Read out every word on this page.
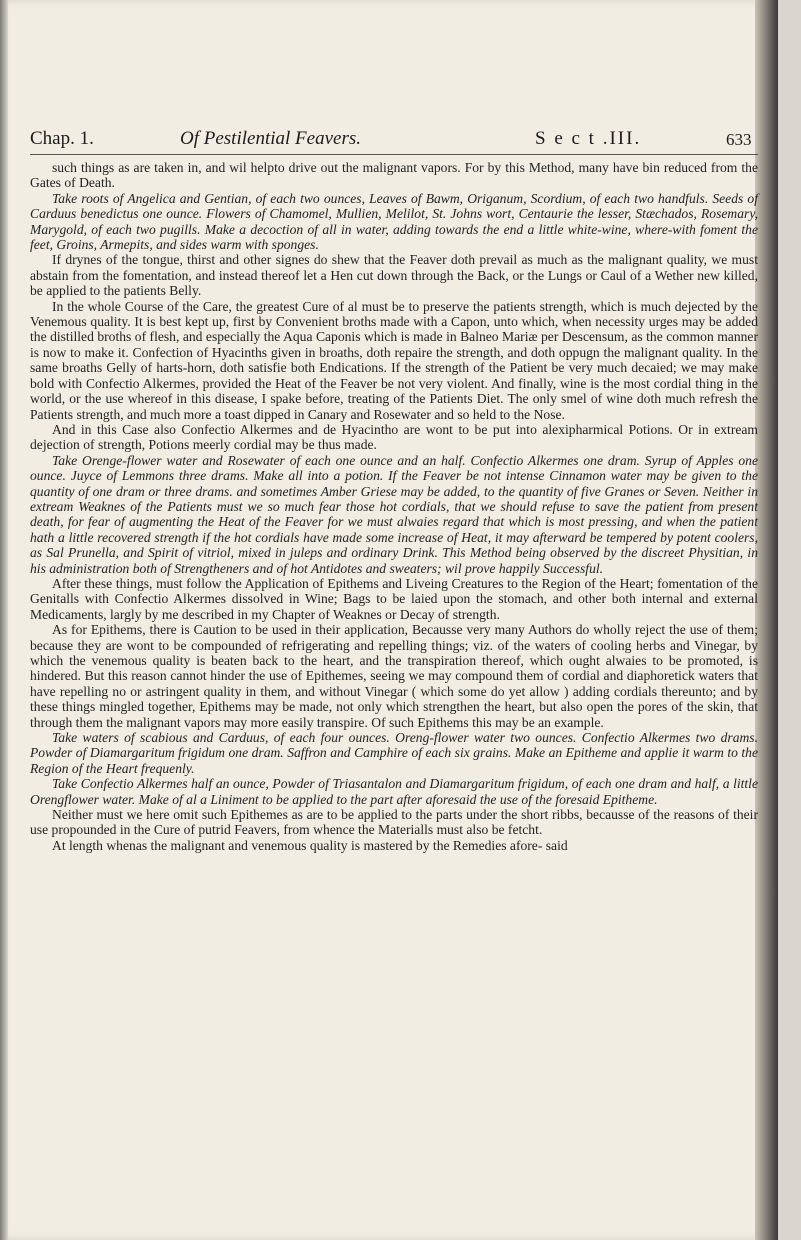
Chap. 1.	Of Pestilential Feavers.	S e c t .III.	633

such things as are taken in, and wil helpto drive out the malignant vapors. For by this Method, many have bin reduced from the Gates of Death.

Take roots of Angelica and Gentian, of each two ounces, Leaves of Bawm, Origanum, Scordium, of each two handfuls. Seeds of Carduus benedictus one ounce. Flowers of Chamomel, Mullien, Melilot, St. Johns wort, Centaurie the lesser, Stæchados, Rosemary, Marygold, of each two pugills. Make a decoction of all in water, adding towards the end a little white-wine, where-with foment the feet, Groins, Armepits, and sides warm with sponges.

If drynes of the tongue, thirst and other signes do shew that the Feaver doth prevail as much as the malignant quality, we must abstain from the fomentation, and instead thereof let a Hen cut down through the Back, or the Lungs or Caul of a Wether new killed, be applied to the patients Belly.

In the whole Course of the Care, the greatest Cure of al must be to preserve the patients strength, which is much dejected by the Venemous quality. It is best kept up, first by Convenient broths made with a Capon, unto which, when necessity urges may be added the distilled broths of flesh, and especially the Aqua Caponis which is made in Balneo Mariæ per Descensum, as the common manner is now to make it. Confection of Hyacinths given in broaths, doth repaire the strength, and doth oppugn the malignant quality. In the same broaths Gelly of harts-horn, doth satisfie both Endications. If the strength of the Patient be very much decaied; we may make bold with Confectio Alkermes, provided the Heat of the Feaver be not very violent. And finally, wine is the most cordial thing in the world, or the use whereof in this disease, I spake before, treating of the Patients Diet. The only smel of wine doth much refresh the Patients strength, and much more a toast dipped in Canary and Rosewater and so held to the Nose.

And in this Case also Confectio Alkermes and de Hyacintho are wont to be put into alexipharmical Potions. Or in extream dejection of strength, Potions meerly cordial may be thus made.

Take Orenge-flower water and Rosewater of each one ounce and an half. Confectio Alkermes one dram. Syrup of Apples one ounce. Juyce of Lemmons three drams. Make all into a potion. If the Feaver be not intense Cinnamon water may be given to the quantity of one dram or three drams. and sometimes Amber Griese may be added, to the quantity of five Granes or Seven. Neither in extream Weaknes of the Patients must we so much fear those hot cordials, that we should refuse to save the patient from present death, for fear of augmenting the Heat of the Feaver for we must alwaies regard that which is most pressing, and when the patient hath a little recovered strength if the hot cordials have made some increase of Heat, it may afterward be tempered by potent coolers, as Sal Prunella, and Spirit of vitriol, mixed in juleps and ordinary Drink. This Method being observed by the discreet Physitian, in his administration both of Strengtheners and of hot Antidotes and sweaters; wil prove happily Successful.

After these things, must follow the Application of Epithems and Liveing Creatures to the Region of the Heart; fomentation of the Genitalls with Confectio Alkermes dissolved in Wine; Bags to be laied upon the stomach, and other both internal and external Medicaments, largly by me described in my Chapter of Weaknes or Decay of strength.

As for Epithems, there is Caution to be used in their application, Becausse very many Authors do wholly reject the use of them; because they are wont to be compounded of refrigerating and repelling things; viz. of the waters of cooling herbs and Vinegar, by which the venemous quality is beaten back to the heart, and the transpiration thereof, which ought alwaies to be promoted, is hindered. But this reason cannot hinder the use of Epithemes, seeing we may compound them of cordial and diaphoretick waters that have repelling no or astringent quality in them, and without Vinegar ( which some do yet allow ) adding cordials thereunto; and by these things mingled together, Epithems may be made, not only which strengthen the heart, but also open the pores of the skin, that through them the malignant vapors may more easily transpire. Of such Epithems this may be an example.

Take waters of scabious and Carduus, of each four ounces. Oreng-flower water two ounces. Confectio Alkermes two drams. Powder of Diamargaritum frigidum one dram. Saffron and Camphire of each six grains. Make an Epitheme and applie it warm to the Region of the Heart frequenly.

Take Confectio Alkermes half an ounce, Powder of Triasantalon and Diamargaritum frigidum, of each one dram and half, a little Orengflower water. Make of al a Liniment to be applied to the part after aforesaid the use of the foresaid Epitheme.

Neither must we here omit such Epithemes as are to be applied to the parts under the short ribbs, becausse of the reasons of their use propounded in the Cure of putrid Feavers, from whence the Materialls must also be fetcht.

At length whenas the malignant and venemous quality is mastered by the Remedies afore- said
